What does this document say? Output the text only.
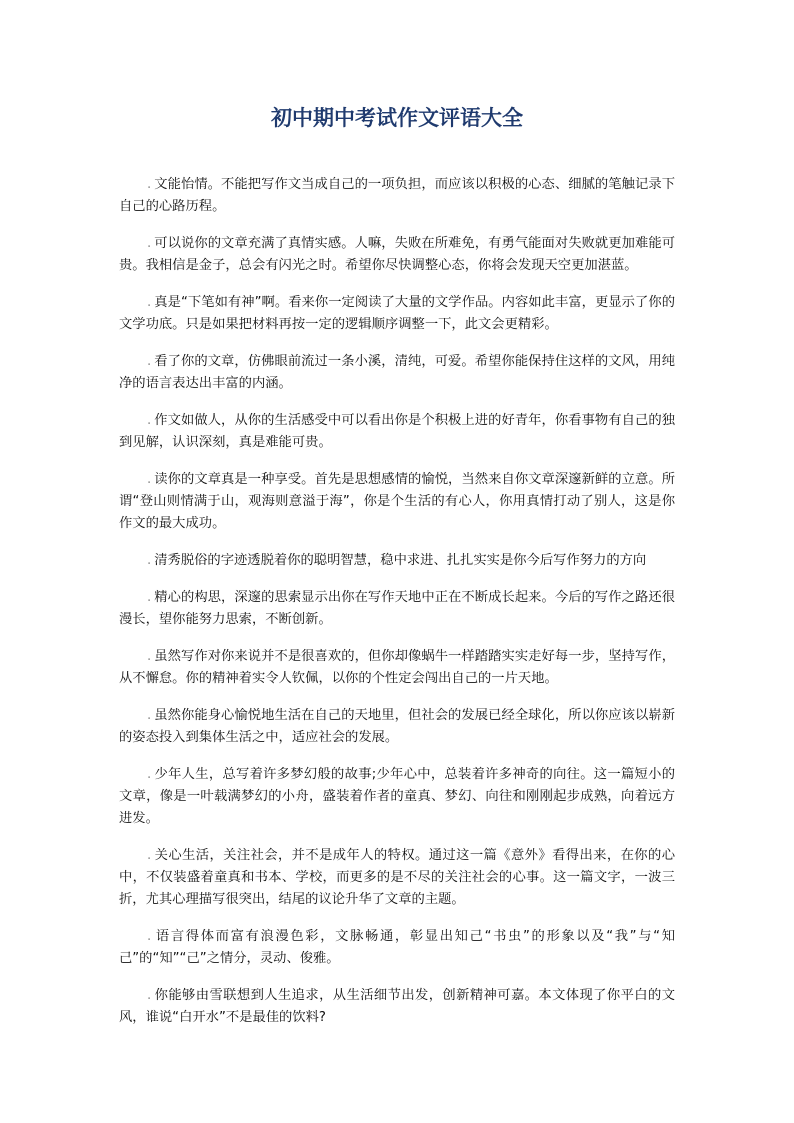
初中期中考试作文评语大全

. 文能怡情。不能把写作文当成自己的一项负担，而应该以积极的心态、细腻的笔触记录下自己的心路历程。

. 可以说你的文章充满了真情实感。人嘛，失败在所难免，有勇气能面对失败就更加难能可贵。我相信是金子，总会有闪光之时。希望你尽快调整心态，你将会发现天空更加湛蓝。

. 真是“下笔如有神”啊。看来你一定阅读了大量的文学作品。内容如此丰富，更显示了你的文学功底。只是如果把材料再按一定的逻辑顺序调整一下，此文会更精彩。

. 看了你的文章，仿佛眼前流过一条小溪，清纯，可爱。希望你能保持住这样的文风，用纯净的语言表达出丰富的内涵。

. 作文如做人，从你的生活感受中可以看出你是个积极上进的好青年，你看事物有自己的独到见解，认识深刻，真是难能可贵。

. 读你的文章真是一种享受。首先是思想感情的愉悦，当然来自你文章深邃新鲜的立意。所谓“登山则情满于山，观海则意溢于海”，你是个生活的有心人，你用真情打动了别人，这是你作文的最大成功。

. 清秀脱俗的字迹透脱着你的聪明智慧，稳中求进、扎扎实实是你今后写作努力的方向

. 精心的构思，深邃的思索显示出你在写作天地中正在不断成长起来。今后的写作之路还很漫长，望你能努力思索，不断创新。

. 虽然写作对你来说并不是很喜欢的，但你却像蜗牛一样踏踏实实走好每一步，坚持写作，从不懈怠。你的精神着实令人钦佩，以你的个性定会闯出自己的一片天地。

. 虽然你能身心愉悦地生活在自己的天地里，但社会的发展已经全球化，所以你应该以崭新的姿态投入到集体生活之中，适应社会的发展。

. 少年人生，总写着许多梦幻般的故事;少年心中，总装着许多神奇的向往。这一篇短小的文章，像是一叶载满梦幻的小舟，盛装着作者的童真、梦幻、向往和刚刚起步成熟，向着远方进发。

. 关心生活，关注社会，并不是成年人的特权。通过这一篇《意外》看得出来，在你的心中，不仅装盛着童真和书本、学校，而更多的是不尽的关注社会的心事。这一篇文字，一波三折，尤其心理描写很突出，结尾的议论升华了文章的主题。

. 语言得体而富有浪漫色彩，文脉畅通，彰显出知己“书虫”的形象以及“我”与“知己”的“知”“己”之情分，灵动、俊雅。

. 你能够由雪联想到人生追求，从生活细节出发，创新精神可嘉。本文体现了你平白的文风，谁说“白开水”不是最佳的饮料?
